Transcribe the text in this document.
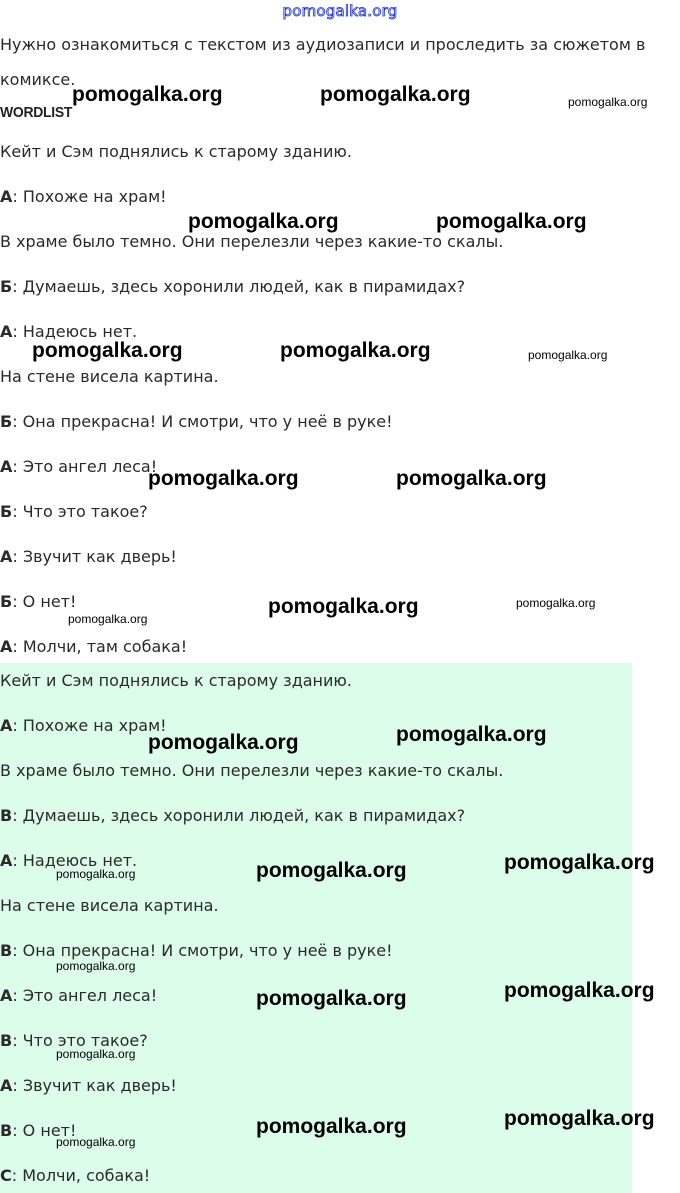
pomogalka.org
Нужно ознакомиться с текстом из аудиозаписи и проследить за сюжетом в комиксе.
WORDLIST
Кейт и Сэм поднялись к старому зданию.
A: Похоже на храм!
В храме было темно. Они перелезли через какие-то скалы.
Б: Думаешь, здесь хоронили людей, как в пирамидах?
A: Надеюсь нет.
На стене висела картина.
Б: Она прекрасна! И смотри, что у неё в руке!
A: Это ангел леса!
Б: Что это такое?
A: Звучит как дверь!
Б: О нет!
A: Молчи, там собака!
Кейт и Сэм поднялись к старому зданию.
A: Похоже на храм!
В храме было темно. Они перелезли через какие-то скалы.
B: Думаешь, здесь хоронили людей, как в пирамидах?
A: Надеюсь нет.
На стене висела картина.
B: Она прекрасна! И смотри, что у неё в руке!
A: Это ангел леса!
B: Что это такое?
A: Звучит как дверь!
B: О нет!
C: Молчи, собака!
pomogalka.org	pomogalka.org	pomogalka.org
pomogalka.org	pomogalka.org
pomogalka.org	pomogalka.org	pomogalka.org
pomogalka.org	pomogalka.org
pomogalka.org
pomogalka.org	pomogalka.org
pomogalka.org	pomogalka.org
pomogalka.org	pomogalka.org	pomogalka.org
pomogalka.org
pomogalka.org	pomogalka.org
pomogalka.org
pomogalka.org
pomogalka.org	pomogalka.org
